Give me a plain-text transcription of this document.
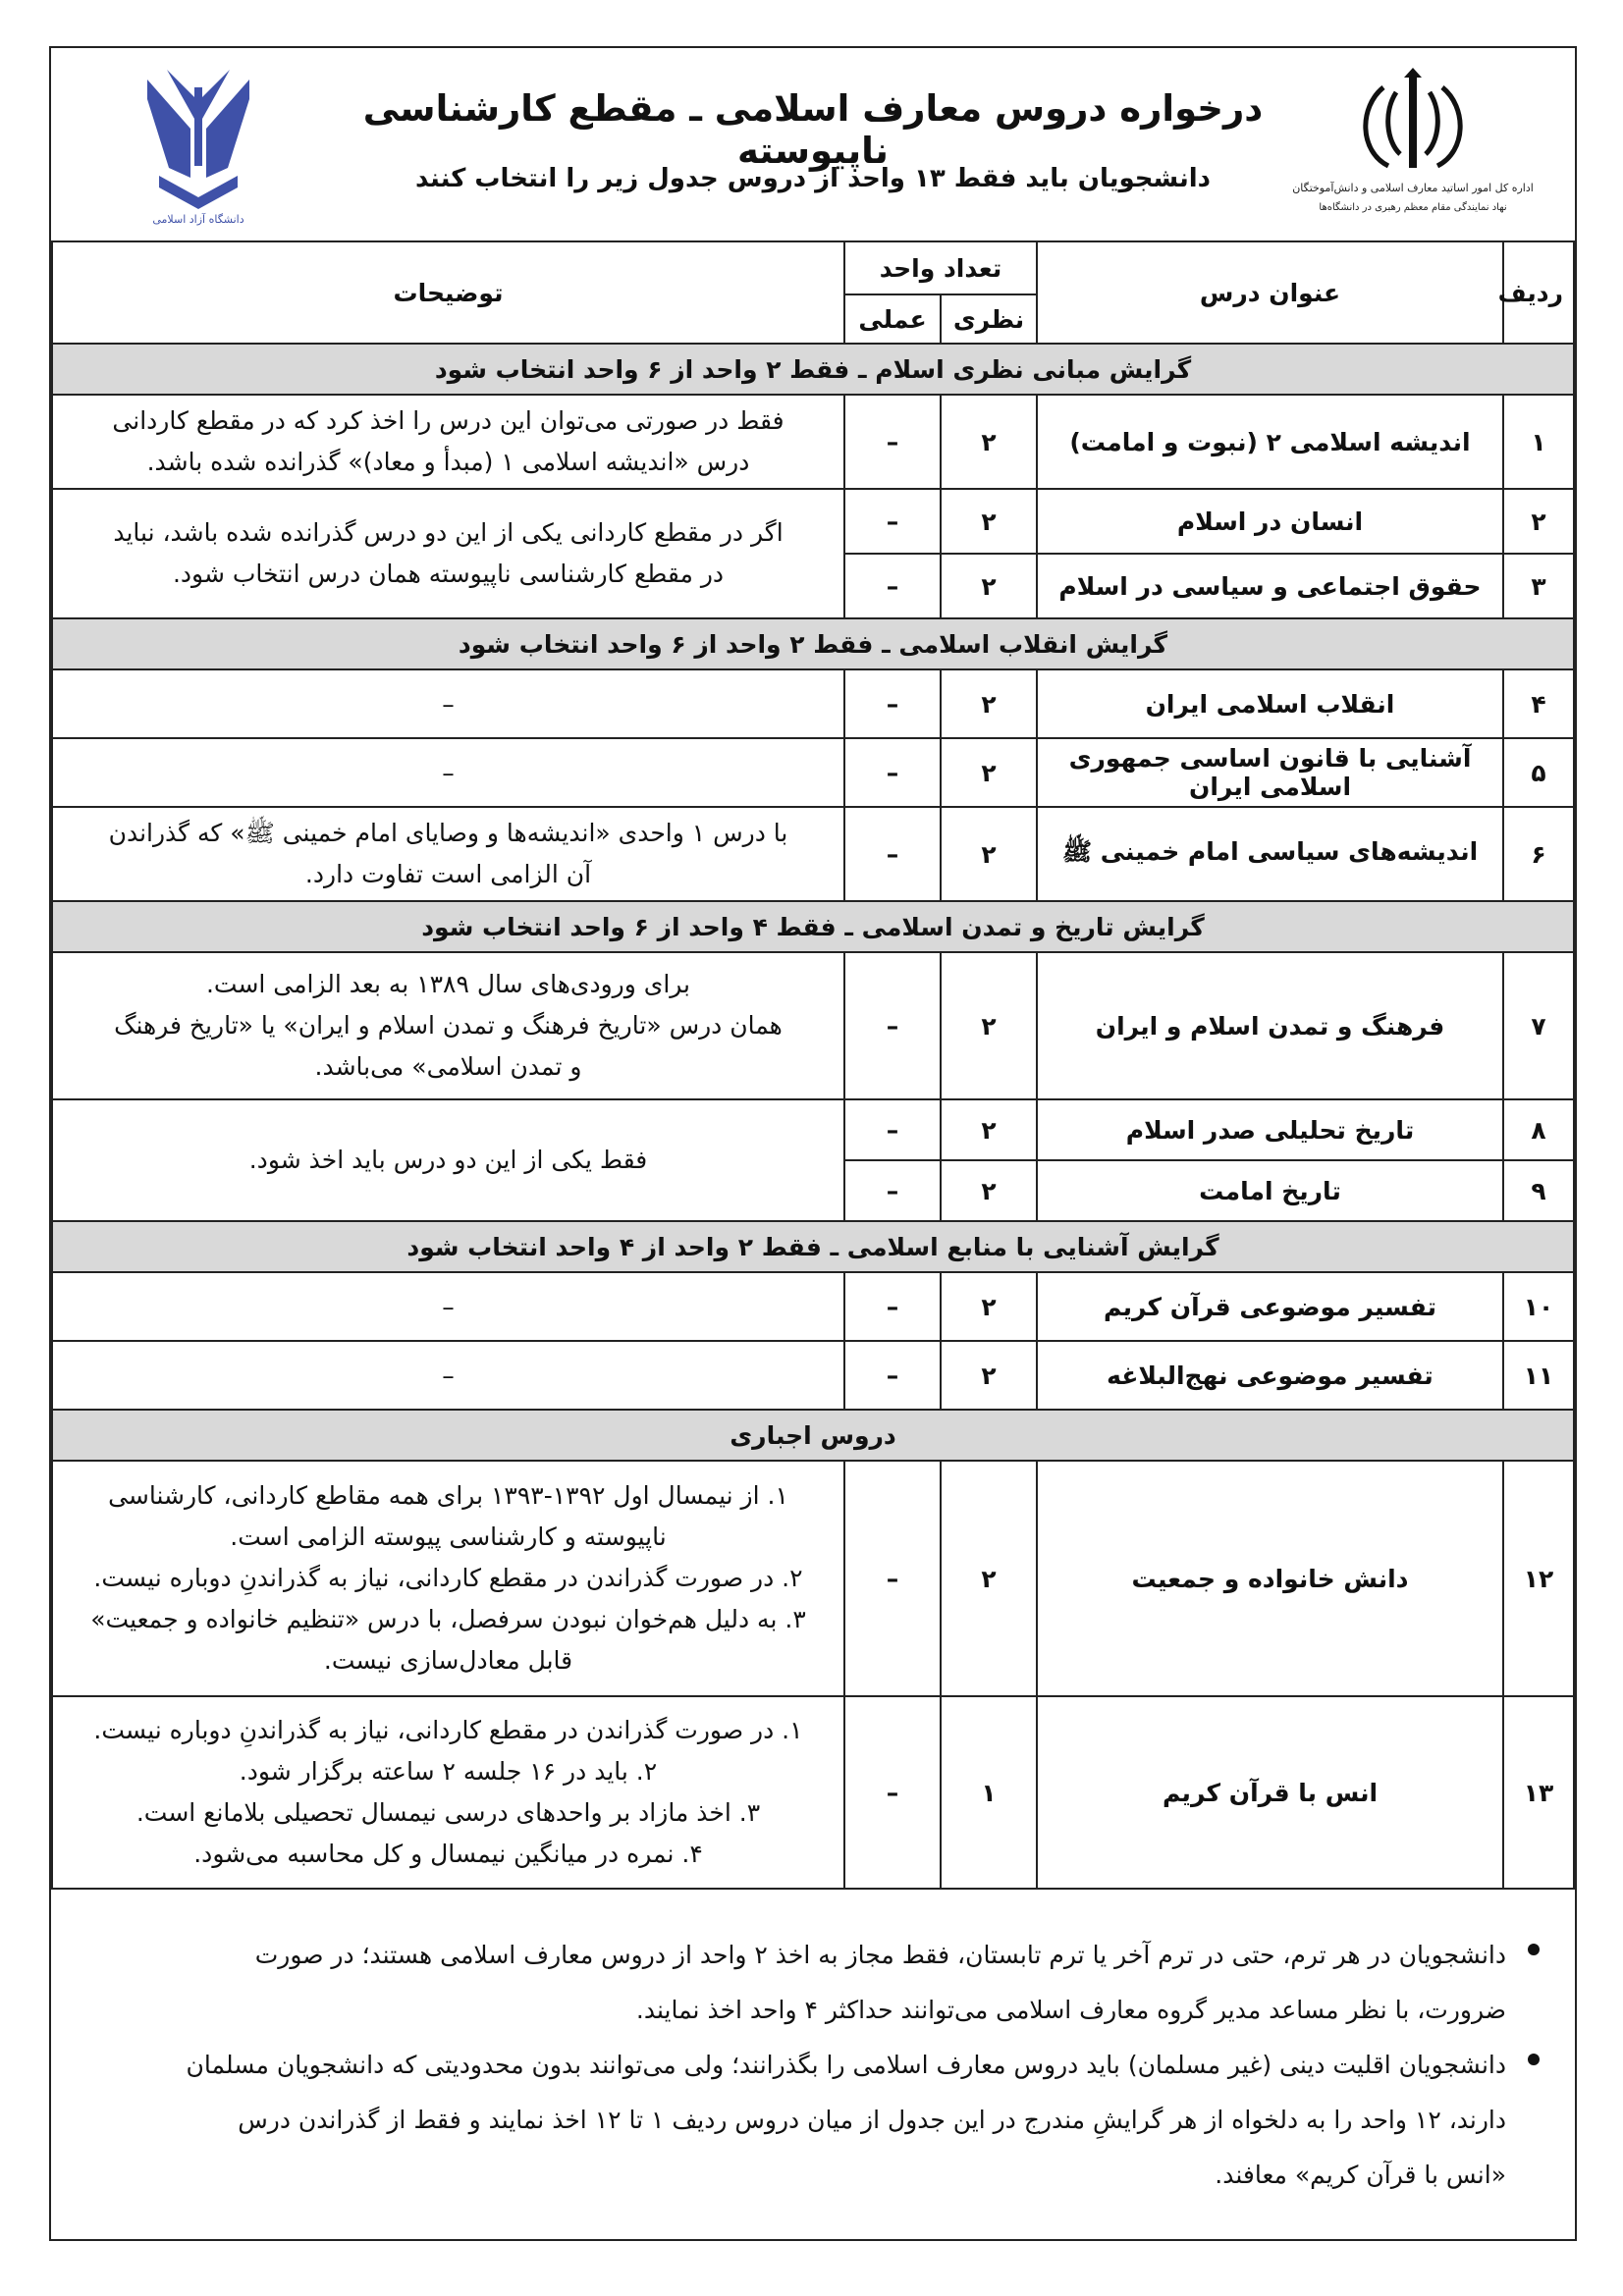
اداره کل امور اساتید معارف اسلامی و دانش‌آموختگان
نهاد نمایندگی مقام معظم رهبری در دانشگاه‌ها
درخواره دروس معارف اسلامی ـ مقطع کارشناسی ناپیوسته
دانشجویان باید فقط ۱۳ واحد از دروس جدول زیر را انتخاب کنند
دانشگاه آزاد اسلامی
ردیف	عنوان درس	تعداد واحد		توضیحات
		نظری	عملی	
گرایش مبانی نظری اسلام ـ فقط ۲ واحد از ۶ واحد انتخاب شود				
۱	اندیشه اسلامی ۲ (نبوت و امامت)	۲	–	فقط در صورتی می‌توان این درس را اخذ کرد که در مقطع کاردانی
درس «اندیشه اسلامی ۱ (مبدأ و معاد)» گذرانده شده باشد.

۲	انسان در اسلام	۲	–	اگر در مقطع کاردانی یکی از این دو درس گذرانده شده باشد، نباید
در مقطع کارشناسی ناپیوسته همان درس انتخاب شود.

۳	حقوق اجتماعی و سیاسی در اسلام	۲	–	
گرایش انقلاب اسلامی ـ فقط ۲ واحد از ۶ واحد انتخاب شود				
۴	انقلاب اسلامی ایران	۲	–	–
۵	آشنایی با قانون اساسی جمهوری اسلامی ایران	۲	–	–
۶	اندیشه‌های سیاسی امام خمینی ﷺ	۲	–	با درس ۱ واحدی «اندیشه‌ها و وصایای امام خمینی ﷺ» که گذراندن
آن الزامی است تفاوت دارد.

گرایش تاریخ و تمدن اسلامی ـ فقط ۴ واحد از ۶ واحد انتخاب شود				
۷	فرهنگ و تمدن اسلام و ایران	۲	–	برای ورودی‌های سال ۱۳۸۹ به بعد الزامی است.
همان درس «تاریخ فرهنگ و تمدن اسلام و ایران» یا «تاریخ فرهنگ
و تمدن اسلامی» می‌باشد.

۸	تاریخ تحلیلی صدر اسلام	۲	–	فقط یکی از این دو درس باید اخذ شود.

۹	تاریخ امامت	۲	–	
گرایش آشنایی با منابع اسلامی ـ فقط ۲ واحد از ۴ واحد انتخاب شود				
۱۰	تفسیر موضوعی قرآن کریم	۲	–	–
۱۱	تفسیر موضوعی نهج‌البلاغه	۲	–	–
دروس اجباری				
۱۲	دانش خانواده و جمعیت	۲	–	۱. از نیمسال اول ۱۳۹۲-۱۳۹۳ برای همه مقاطع کاردانی، کارشناسی
ناپیوسته و کارشناسی پیوسته الزامی است.
۲. در صورت گذراندن در مقطع کاردانی، نیاز به گذراندنِ دوباره نیست.
۳. به دلیل هم‌خوان نبودن سرفصل، با درس «تنظیم خانواده و جمعیت»
قابل معادل‌سازی نیست.

۱۳	انس با قرآن کریم	۱	–	۱. در صورت گذراندن در مقطع کاردانی، نیاز به گذراندنِ دوباره نیست.
۲. باید در ۱۶ جلسه ۲ ساعته برگزار شود.
۳. اخذ مازاد بر واحدهای درسی نیمسال تحصیلی بلامانع است.
۴. نمره در میانگین نیمسال و کل محاسبه می‌شود.
دانشجویان در هر ترم، حتی در ترم آخر یا ترم تابستان، فقط مجاز به اخذ ۲ واحد از دروس معارف اسلامی هستند؛ در صورت
ضرورت، با نظر مساعد مدیر گروه معارف اسلامی می‌توانند حداکثر ۴ واحد اخذ نمایند.
دانشجویان اقلیت دینی (غیر مسلمان) باید دروس معارف اسلامی را بگذرانند؛ ولی می‌توانند بدون محدودیتی که دانشجویان مسلمان
دارند، ۱۲ واحد را به دلخواه از هر گرایشِ مندرج در این جدول از میان دروس ردیف ۱ تا ۱۲ اخذ نمایند و فقط از گذراندن درس
«انس با قرآن کریم» معافند.
